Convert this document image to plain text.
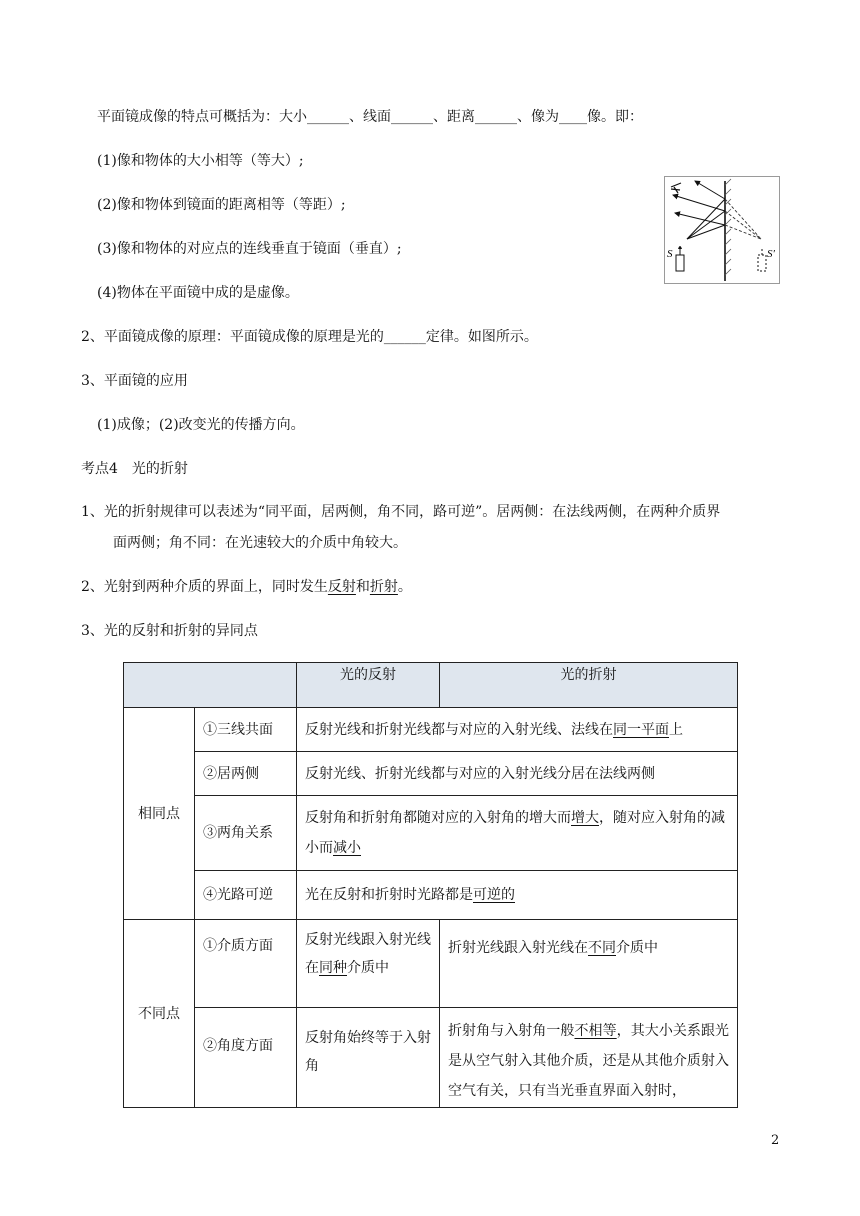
平面镜成像的特点可概括为：大小______、线面______、距离______、像为____像。即：
(1)像和物体的大小相等（等大）;
(2)像和物体到镜面的距离相等（等距）;
(3)像和物体的对应点的连线垂直于镜面（垂直）;
(4)物体在平面镜中成的是虚像。
S	S′
2、平面镜成像的原理：平面镜成像的原理是光的______定律。如图所示。
3、平面镜的应用
(1)成像；(2)改变光的传播方向。
考点4　光的折射
1、光的折射规律可以表述为“同平面，居两侧，角不同，路可逆”。居两侧：在法线两侧，在两种介质界
面两侧；角不同：在光速较大的介质中角较大。
2、光射到两种介质的界面上，同时发生反射和折射。
3、光的反射和折射的异同点
		光的反射	光的折射
相同点	①三线共面	反射光线和折射光线都与对应的入射光线、法线在同一平面上	
	②居两侧	反射光线、折射光线都与对应的入射光线分居在法线两侧	
	③两角关系	反射角和折射角都随对应的入射角的增大而增大，随对应入射角的减小而减小	
	④光路可逆	光在反射和折射时光路都是可逆的	
不同点	①介质方面	反射光线跟入射光线在同种介质中	折射光线跟入射光线在不同介质中
	②角度方面	反射角始终等于入射角	折射角与入射角一般不相等，其大小关系跟光是从空气射入其他介质，还是从其他介质射入空气有关，只有当光垂直界面入射时，
2
